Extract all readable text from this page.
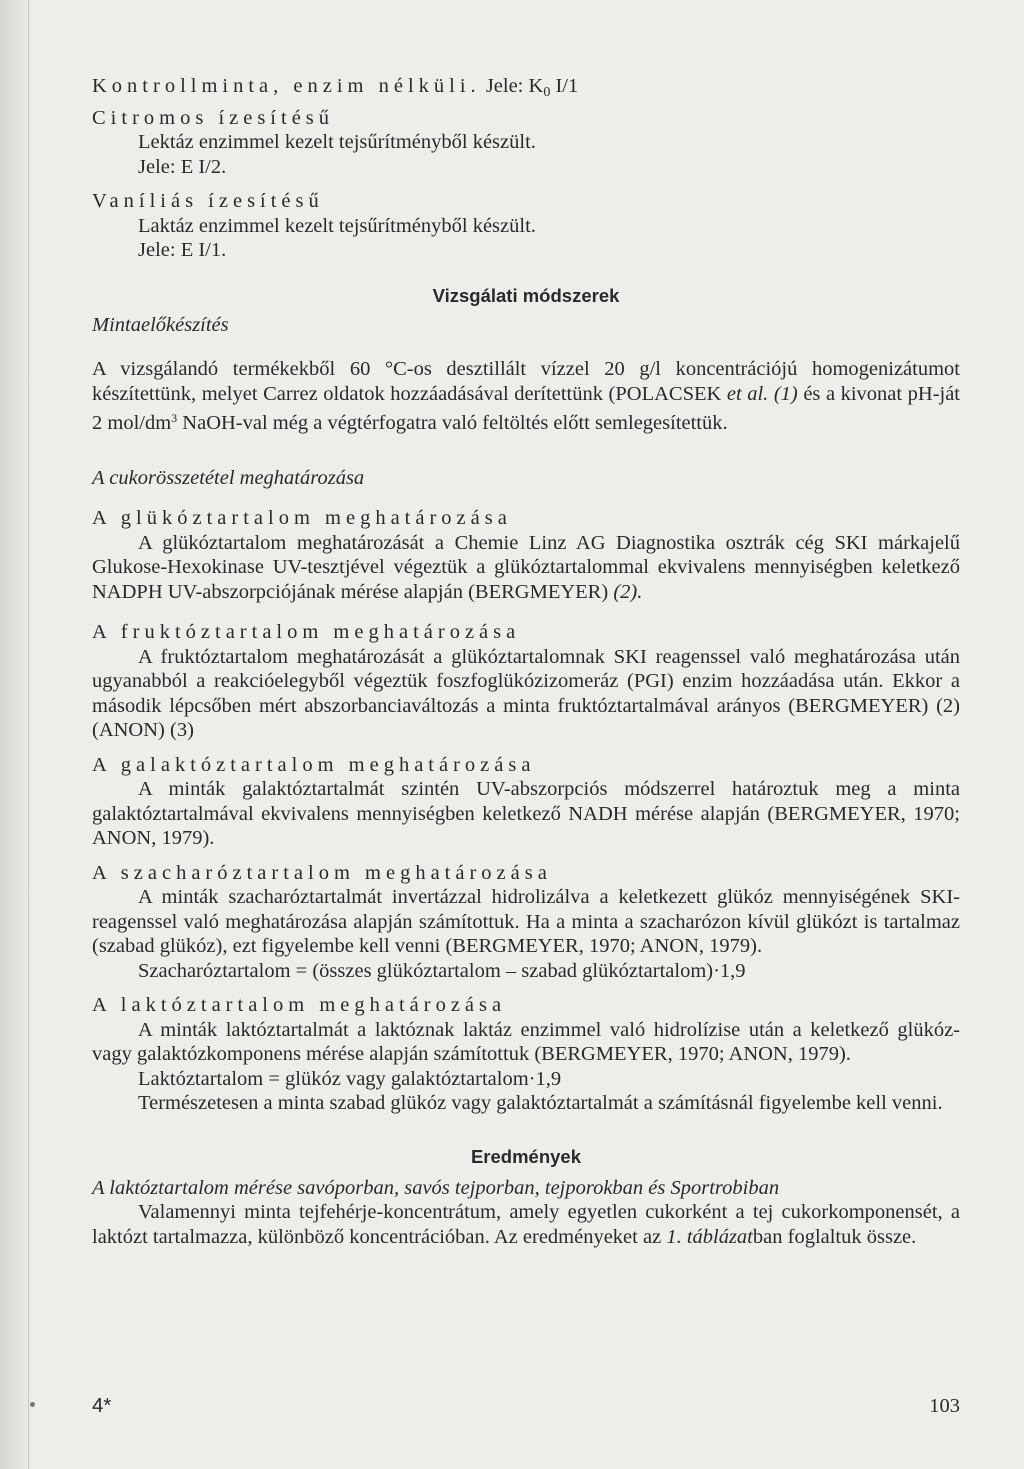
Kontrollminta, enzim nélküli. Jele: $K_0$ I/1

Citromos ízesítésű

Lektáz enzimmel kezelt tejsűrítményből készült.

Jele: E I/2.

Vaníliás ízesítésű

Laktáz enzimmel kezelt tejsűrítményből készült.

Jele: E I/1.

Vizsgálati módszerek

Mintaelőkészítés

A vizsgálandó termékekből 60 °C-os desztillált vízzel 20 g/l koncentrációjú homogenizátumot készítettünk, melyet Carrez oldatok hozzáadásával derítettünk (POLACSEK et al. (1) és a kivonat pH-ját 2 mol/$dm^3$ NaOH-val még a végtérfogatra való feltöltés előtt semlegesítettük.

A cukorösszetétel meghatározása

A glükóztartalom meghatározása

A glükóztartalom meghatározását a Chemie Linz AG Diagnostika osztrák cég SKI márkajelű Glukose-Hexokinase UV-tesztjével végeztük a glükóztartalommal ekvivalens mennyiségben keletkező NADPH UV-abszorpciójának mérése alapján (BERGMEYER) (2).

A fruktóztartalom meghatározása

A fruktóztartalom meghatározását a glükóztartalomnak SKI reagenssel való meghatározása után ugyanabból a reakcióelegyből végeztük foszfoglükózizomeráz (PGI) enzim hozzáadása után. Ekkor a második lépcsőben mért abszorbanciaváltozás a minta fruktóztartalmával arányos (BERGMEYER) (2) (ANON) (3)

A galaktóztartalom meghatározása

A minták galaktóztartalmát szintén UV-abszorpciós módszerrel határoztuk meg a minta galaktóztartalmával ekvivalens mennyiségben keletkező NADH mérése alapján (BERGMEYER, 1970; ANON, 1979).

A szacharóztartalom meghatározása

A minták szacharóztartalmát invertázzal hidrolizálva a keletkezett glükóz mennyiségének SKI-reagenssel való meghatározása alapján számítottuk. Ha a minta a szacharózon kívül glükózt is tartalmaz (szabad glükóz), ezt figyelembe kell venni (BERGMEYER, 1970; ANON, 1979).

Szacharóztartalom = (összes glükóztartalom – szabad glükóztartalom)·1,9

A laktóztartalom meghatározása

A minták laktóztartalmát a laktóznak laktáz enzimmel való hidrolízise után a keletkező glükóz- vagy galaktózkomponens mérése alapján számítottuk (BERGMEYER, 1970; ANON, 1979).

Laktóztartalom = glükóz vagy galaktóztartalom·1,9

Természetesen a minta szabad glükóz vagy galaktóztartalmát a számításnál figyelembe kell venni.

Eredmények

A laktóztartalom mérése savóporban, savós tejporban, tejporokban és Sportrobiban

Valamennyi minta tejfehérje-koncentrátum, amely egyetlen cukorként a tej cukorkomponensét, a laktózt tartalmazza, különböző koncentrációban. Az eredményeket az 1. táblázatban foglaltuk össze.

4*	103
